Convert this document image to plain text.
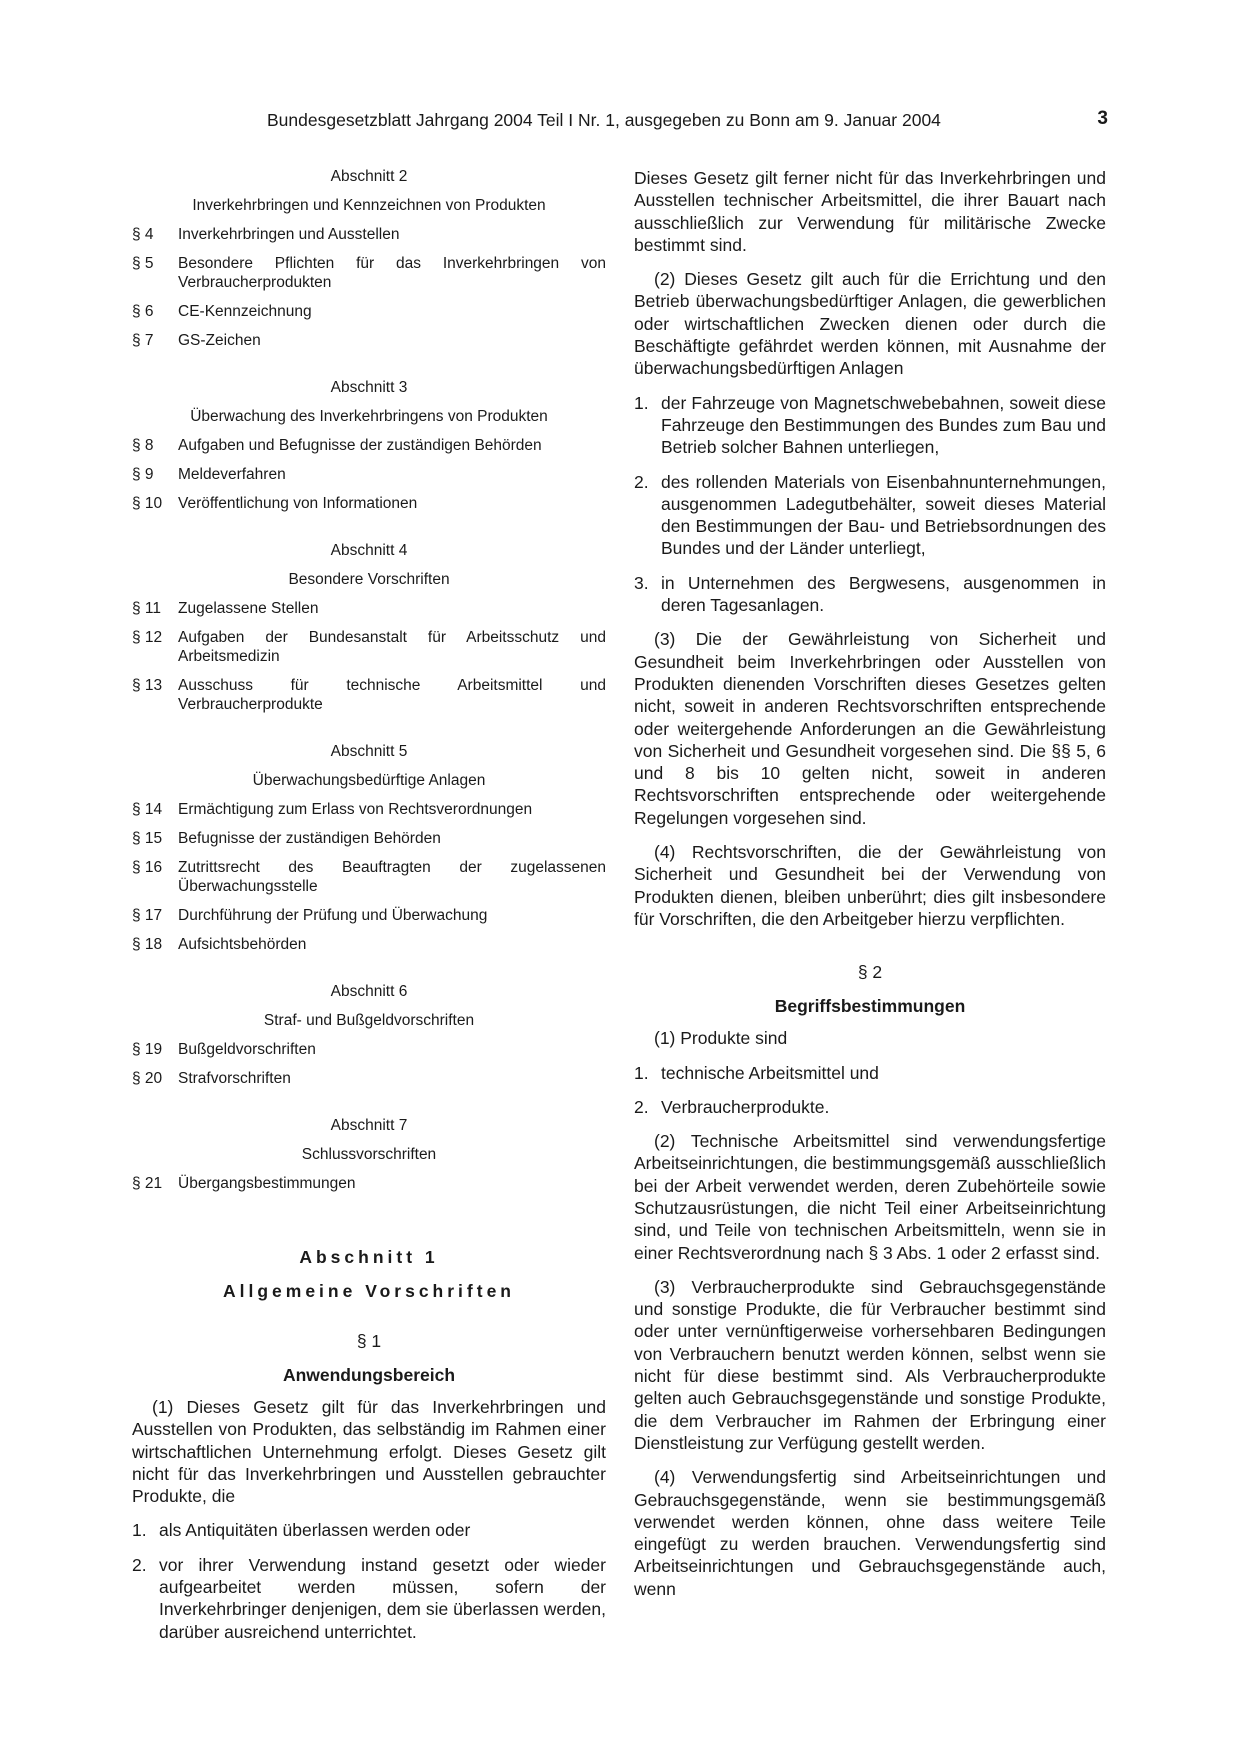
Bundesgesetzblatt Jahrgang 2004 Teil I Nr. 1, ausgegeben zu Bonn am 9. Januar 2004	3
Abschnitt 2
Inverkehrbringen und Kennzeichnen von Produkten
§ 4	Inverkehrbringen und Ausstellen
§ 5	Besondere Pflichten für das Inverkehrbringen von Verbraucherprodukten
§ 6	CE-Kennzeichnung
§ 7	GS-Zeichen
Abschnitt 3
Überwachung des Inverkehrbringens von Produkten
§ 8	Aufgaben und Befugnisse der zuständigen Behörden
§ 9	Meldeverfahren
§ 10	Veröffentlichung von Informationen
Abschnitt 4
Besondere Vorschriften
§ 11	Zugelassene Stellen
§ 12	Aufgaben der Bundesanstalt für Arbeitsschutz und Arbeitsmedizin
§ 13	Ausschuss für technische Arbeitsmittel und Verbraucherprodukte
Abschnitt 5
Überwachungsbedürftige Anlagen
§ 14	Ermächtigung zum Erlass von Rechtsverordnungen
§ 15	Befugnisse der zuständigen Behörden
§ 16	Zutrittsrecht des Beauftragten der zugelassenen Überwachungsstelle
§ 17	Durchführung der Prüfung und Überwachung
§ 18	Aufsichtsbehörden
Abschnitt 6
Straf- und Bußgeldvorschriften
§ 19	Bußgeldvorschriften
§ 20	Strafvorschriften
Abschnitt 7
Schlussvorschriften
§ 21	Übergangsbestimmungen
Abschnitt 1
Allgemeine Vorschriften
§ 1
Anwendungsbereich

(1) Dieses Gesetz gilt für das Inverkehrbringen und Ausstellen von Produkten, das selbständig im Rahmen einer wirtschaftlichen Unternehmung erfolgt. Dieses Gesetz gilt nicht für das Inverkehrbringen und Ausstellen gebrauchter Produkte, die

1. als Antiquitäten überlassen werden oder
2. vor ihrer Verwendung instand gesetzt oder wieder aufgearbeitet werden müssen, sofern der Inverkehrbringer denjenigen, dem sie überlassen werden, darüber ausreichend unterrichtet.

Dieses Gesetz gilt ferner nicht für das Inverkehrbringen und Ausstellen technischer Arbeitsmittel, die ihrer Bauart nach ausschließlich zur Verwendung für militärische Zwecke bestimmt sind.

(2) Dieses Gesetz gilt auch für die Errichtung und den Betrieb überwachungsbedürftiger Anlagen, die gewerblichen oder wirtschaftlichen Zwecken dienen oder durch die Beschäftigte gefährdet werden können, mit Ausnahme der überwachungsbedürftigen Anlagen

1. der Fahrzeuge von Magnetschwebebahnen, soweit diese Fahrzeuge den Bestimmungen des Bundes zum Bau und Betrieb solcher Bahnen unterliegen,
2. des rollenden Materials von Eisenbahnunternehmungen, ausgenommen Ladegutbehälter, soweit dieses Material den Bestimmungen der Bau- und Betriebsordnungen des Bundes und der Länder unterliegt,
3. in Unternehmen des Bergwesens, ausgenommen in deren Tagesanlagen.

(3) Die der Gewährleistung von Sicherheit und Gesundheit beim Inverkehrbringen oder Ausstellen von Produkten dienenden Vorschriften dieses Gesetzes gelten nicht, soweit in anderen Rechtsvorschriften entsprechende oder weitergehende Anforderungen an die Gewährleistung von Sicherheit und Gesundheit vorgesehen sind. Die §§ 5, 6 und 8 bis 10 gelten nicht, soweit in anderen Rechtsvorschriften entsprechende oder weitergehende Regelungen vorgesehen sind.

(4) Rechtsvorschriften, die der Gewährleistung von Sicherheit und Gesundheit bei der Verwendung von Produkten dienen, bleiben unberührt; dies gilt insbesondere für Vorschriften, die den Arbeitgeber hierzu verpflichten.

§ 2
Begriffsbestimmungen

(1) Produkte sind

1. technische Arbeitsmittel und
2. Verbraucherprodukte.

(2) Technische Arbeitsmittel sind verwendungsfertige Arbeitseinrichtungen, die bestimmungsgemäß ausschließlich bei der Arbeit verwendet werden, deren Zubehörteile sowie Schutzausrüstungen, die nicht Teil einer Arbeitseinrichtung sind, und Teile von technischen Arbeitsmitteln, wenn sie in einer Rechtsverordnung nach § 3 Abs. 1 oder 2 erfasst sind.

(3) Verbraucherprodukte sind Gebrauchsgegenstände und sonstige Produkte, die für Verbraucher bestimmt sind oder unter vernünftigerweise vorhersehbaren Bedingungen von Verbrauchern benutzt werden können, selbst wenn sie nicht für diese bestimmt sind. Als Verbraucherprodukte gelten auch Gebrauchsgegenstände und sonstige Produkte, die dem Verbraucher im Rahmen der Erbringung einer Dienstleistung zur Verfügung gestellt werden.

(4) Verwendungsfertig sind Arbeitseinrichtungen und Gebrauchsgegenstände, wenn sie bestimmungsgemäß verwendet werden können, ohne dass weitere Teile eingefügt zu werden brauchen. Verwendungsfertig sind Arbeitseinrichtungen und Gebrauchsgegenstände auch, wenn
